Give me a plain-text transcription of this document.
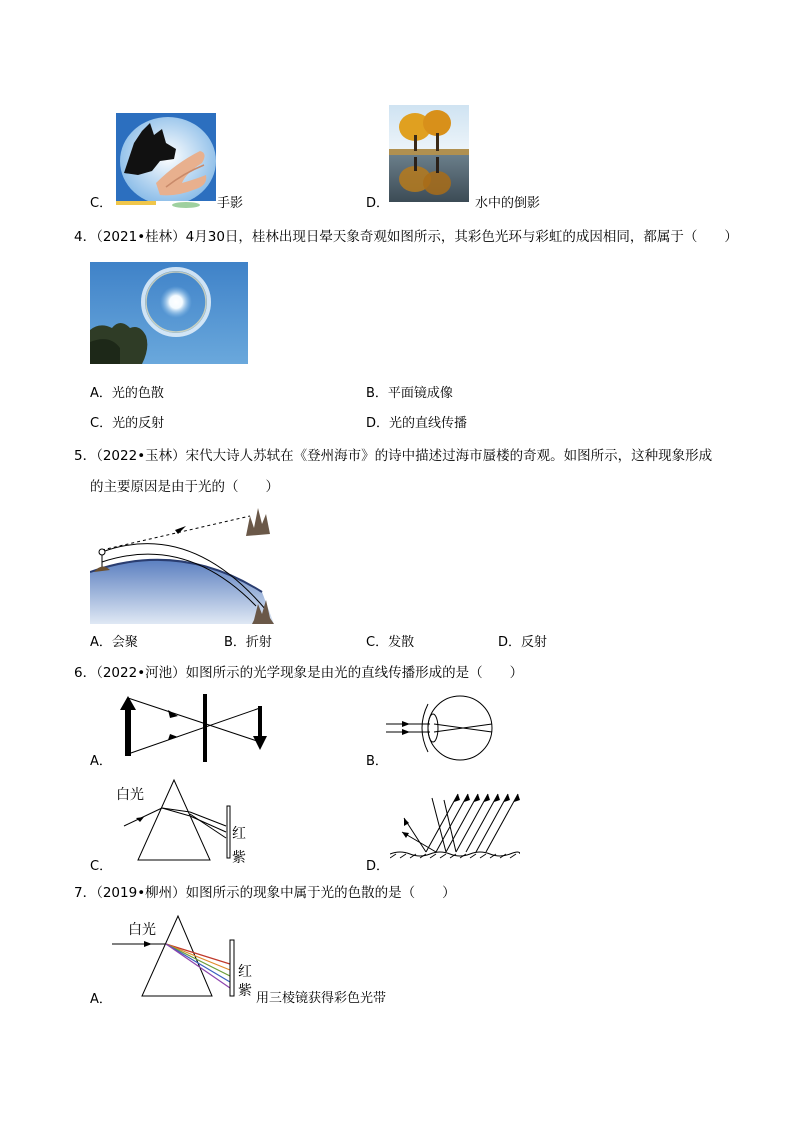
C．	手影	D．	水中的倒影
4．（2021•桂林）4月30日，桂林出现日晕天象奇观如图所示，其彩色光环与彩虹的成因相同，都属于（　　）
A．光的色散	B．平面镜成像
C．光的反射	D．光的直线传播
5．（2022•玉林）宋代大诗人苏轼在《登州海市》的诗中描述过海市蜃楼的奇观。如图所示，这种现象形成
的主要原因是由于光的（　　）
A．会聚	B．折射	C．发散	D．反射
6．（2022•河池）如图所示的光学现象是由光的直线传播形成的是（　　）
A．	B．
C．
白光
红
紫
D．
7．（2019•柳州）如图所示的现象中属于光的色散的是（　　）
A．
白光
红
紫 用三棱镜获得彩色光带
